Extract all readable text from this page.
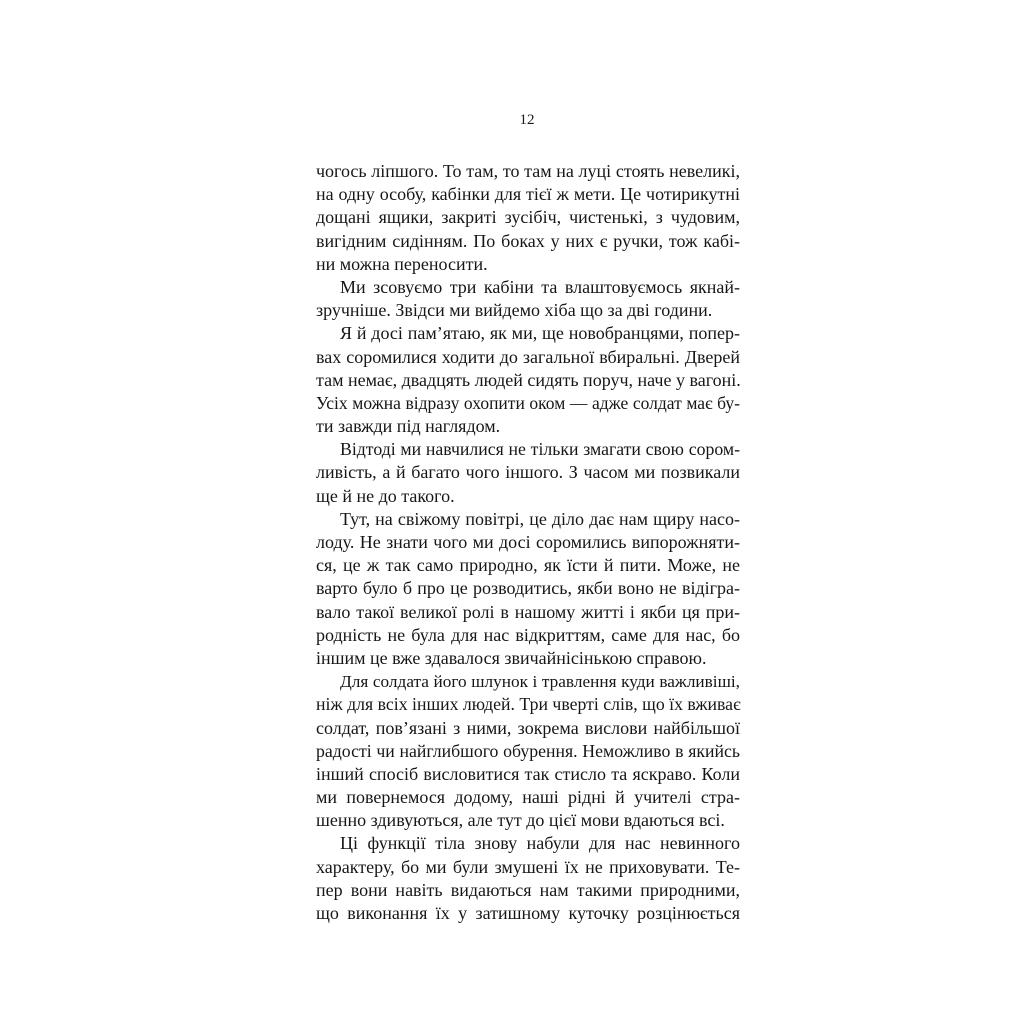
12
чогось ліпшого. То там, то там на луці стоять невеликі,
на одну особу, кабінки для тієї ж мети. Це чотирикутні
дощані ящики, закриті зусібіч, чистенькі, з чудовим,
вигідним сидінням. По боках у них є ручки, тож кабі-
ни можна переносити.
Ми зсовуємо три кабіни та влаштовуємось якнай-
зручніше. Звідси ми вийдемо хіба що за дві години.
Я й досі пам’ятаю, як ми, ще новобранцями, попер-
вах соромилися ходити до загальної вбиральні. Дверей
там немає, двадцять людей сидять поруч, наче у вагоні.
Усіх можна відразу охопити оком — адже солдат має бу-
ти завжди під наглядом.
Відтоді ми навчилися не тільки змагати свою сором-
ливість, а й багато чого іншого. З часом ми позвикали
ще й не до такого.
Тут, на свіжому повітрі, це діло дає нам щиру насо-
лоду. Не знати чого ми досі соромились випорожняти-
ся, це ж так само природно, як їсти й пити. Може, не
варто було б про це розводитись, якби воно не відігра-
вало такої великої ролі в нашому житті і якби ця при-
родність не була для нас відкриттям, саме для нас, бо
іншим це вже здавалося звичайнісінькою справою.
Для солдата його шлунок і травлення куди важливіші,
ніж для всіх інших людей. Три чверті слів, що їх вживає
солдат, пов’язані з ними, зокрема вислови найбільшої
радості чи найглибшого обурення. Неможливо в якийсь
інший спосіб висловитися так стисло та яскраво. Коли
ми повернемося додому, наші рідні й учителі стра-
шенно здивуються, але тут до цієї мови вдаються всі.
Ці функції тіла знову набули для нас невинного
характеру, бо ми були змушені їх не приховувати. Те-
пер вони навіть видаються нам такими природними,
що виконання їх у затишному куточку розцінюється
